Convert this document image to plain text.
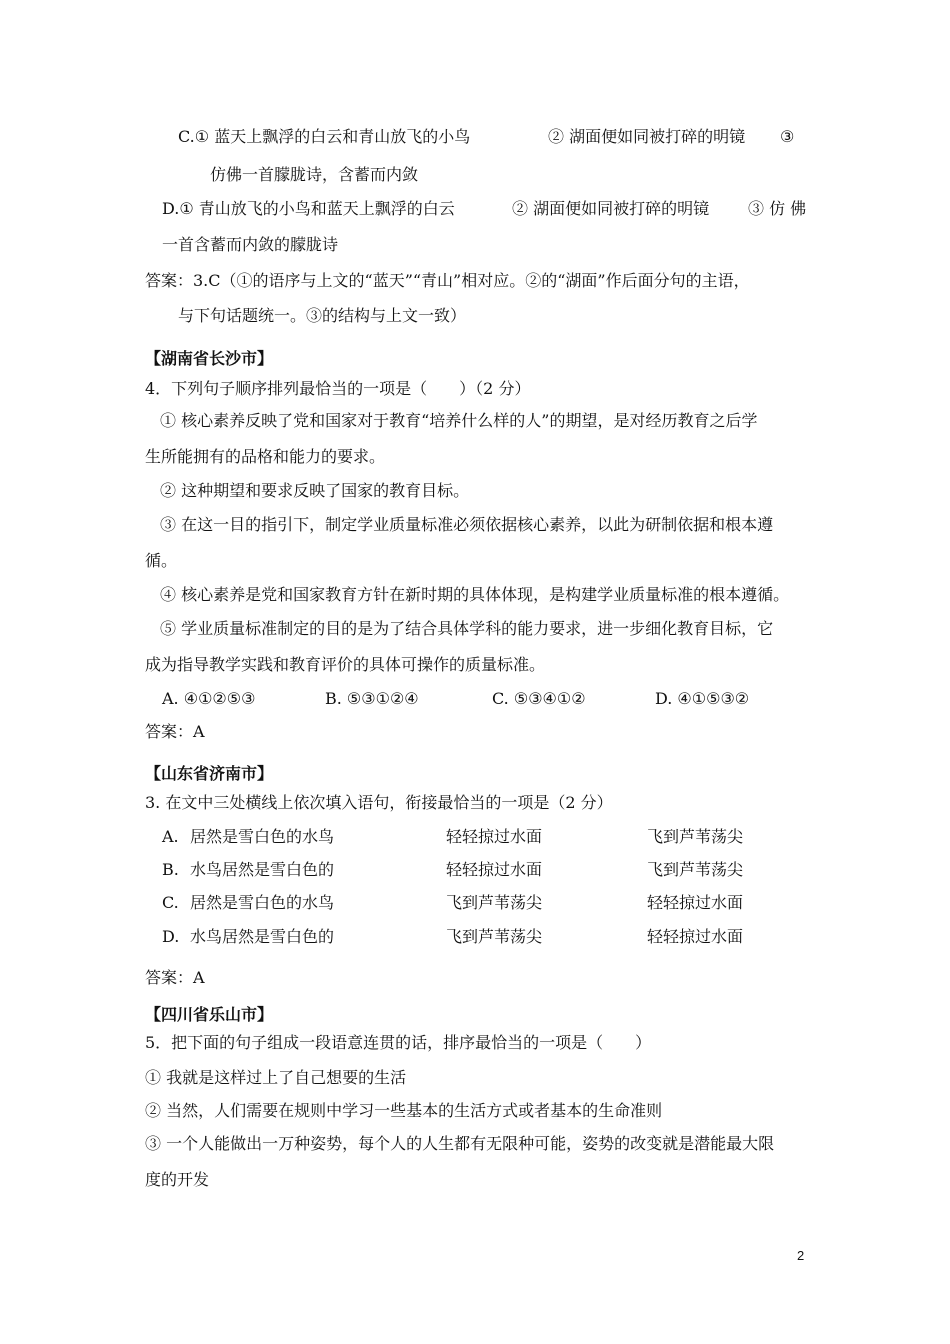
C.① 蓝天上飘浮的白云和青山放飞的小鸟	② 湖面便如同被打碎的明镜 ③
仿佛一首朦胧诗，含蓄而内敛
D.① 青山放飞的小鸟和蓝天上飘浮的白云	② 湖面便如同被打碎的明镜 ③ 仿 佛
一首含蓄而内敛的朦胧诗
答案：3.C（①的语序与上文的“蓝天”“青山”相对应。②的“湖面”作后面分句的主语，
与下句话题统一。③的结构与上文一致）
【湖南省长沙市】
4．下列句子顺序排列最恰当的一项是（　　）（2 分）
① 核心素养反映了党和国家对于教育“培养什么样的人”的期望，是对经历教育之后学
生所能拥有的品格和能力的要求。
② 这种期望和要求反映了国家的教育目标。
③ 在这一目的指引下，制定学业质量标准必须依据核心素养，以此为研制依据和根本遵
循。
④ 核心素养是党和国家教育方针在新时期的具体体现，是构建学业质量标准的根本遵循。
⑤ 学业质量标准制定的目的是为了结合具体学科的能力要求，进一步细化教育目标，它
成为指导教学实践和教育评价的具体可操作的质量标准。
A. ④①②⑤③	B. ⑤③①②④	C. ⑤③④①②	D. ④①⑤③②
答案：A
【山东省济南市】
3. 在文中三处横线上依次填入语句，衔接最恰当的一项是（2 分）
A. 居然是雪白色的水鸟	轻轻掠过水面	飞到芦苇荡尖
B. 水鸟居然是雪白色的	轻轻掠过水面	飞到芦苇荡尖
C. 居然是雪白色的水鸟	飞到芦苇荡尖	轻轻掠过水面
D. 水鸟居然是雪白色的	飞到芦苇荡尖	轻轻掠过水面
答案：A
【四川省乐山市】
5．把下面的句子组成一段语意连贯的话，排序最恰当的一项是（　　）
① 我就是这样过上了自己想要的生活
② 当然，人们需要在规则中学习一些基本的生活方式或者基本的生命准则
③ 一个人能做出一万种姿势，每个人的人生都有无限种可能，姿势的改变就是潜能最大限
度的开发
2
